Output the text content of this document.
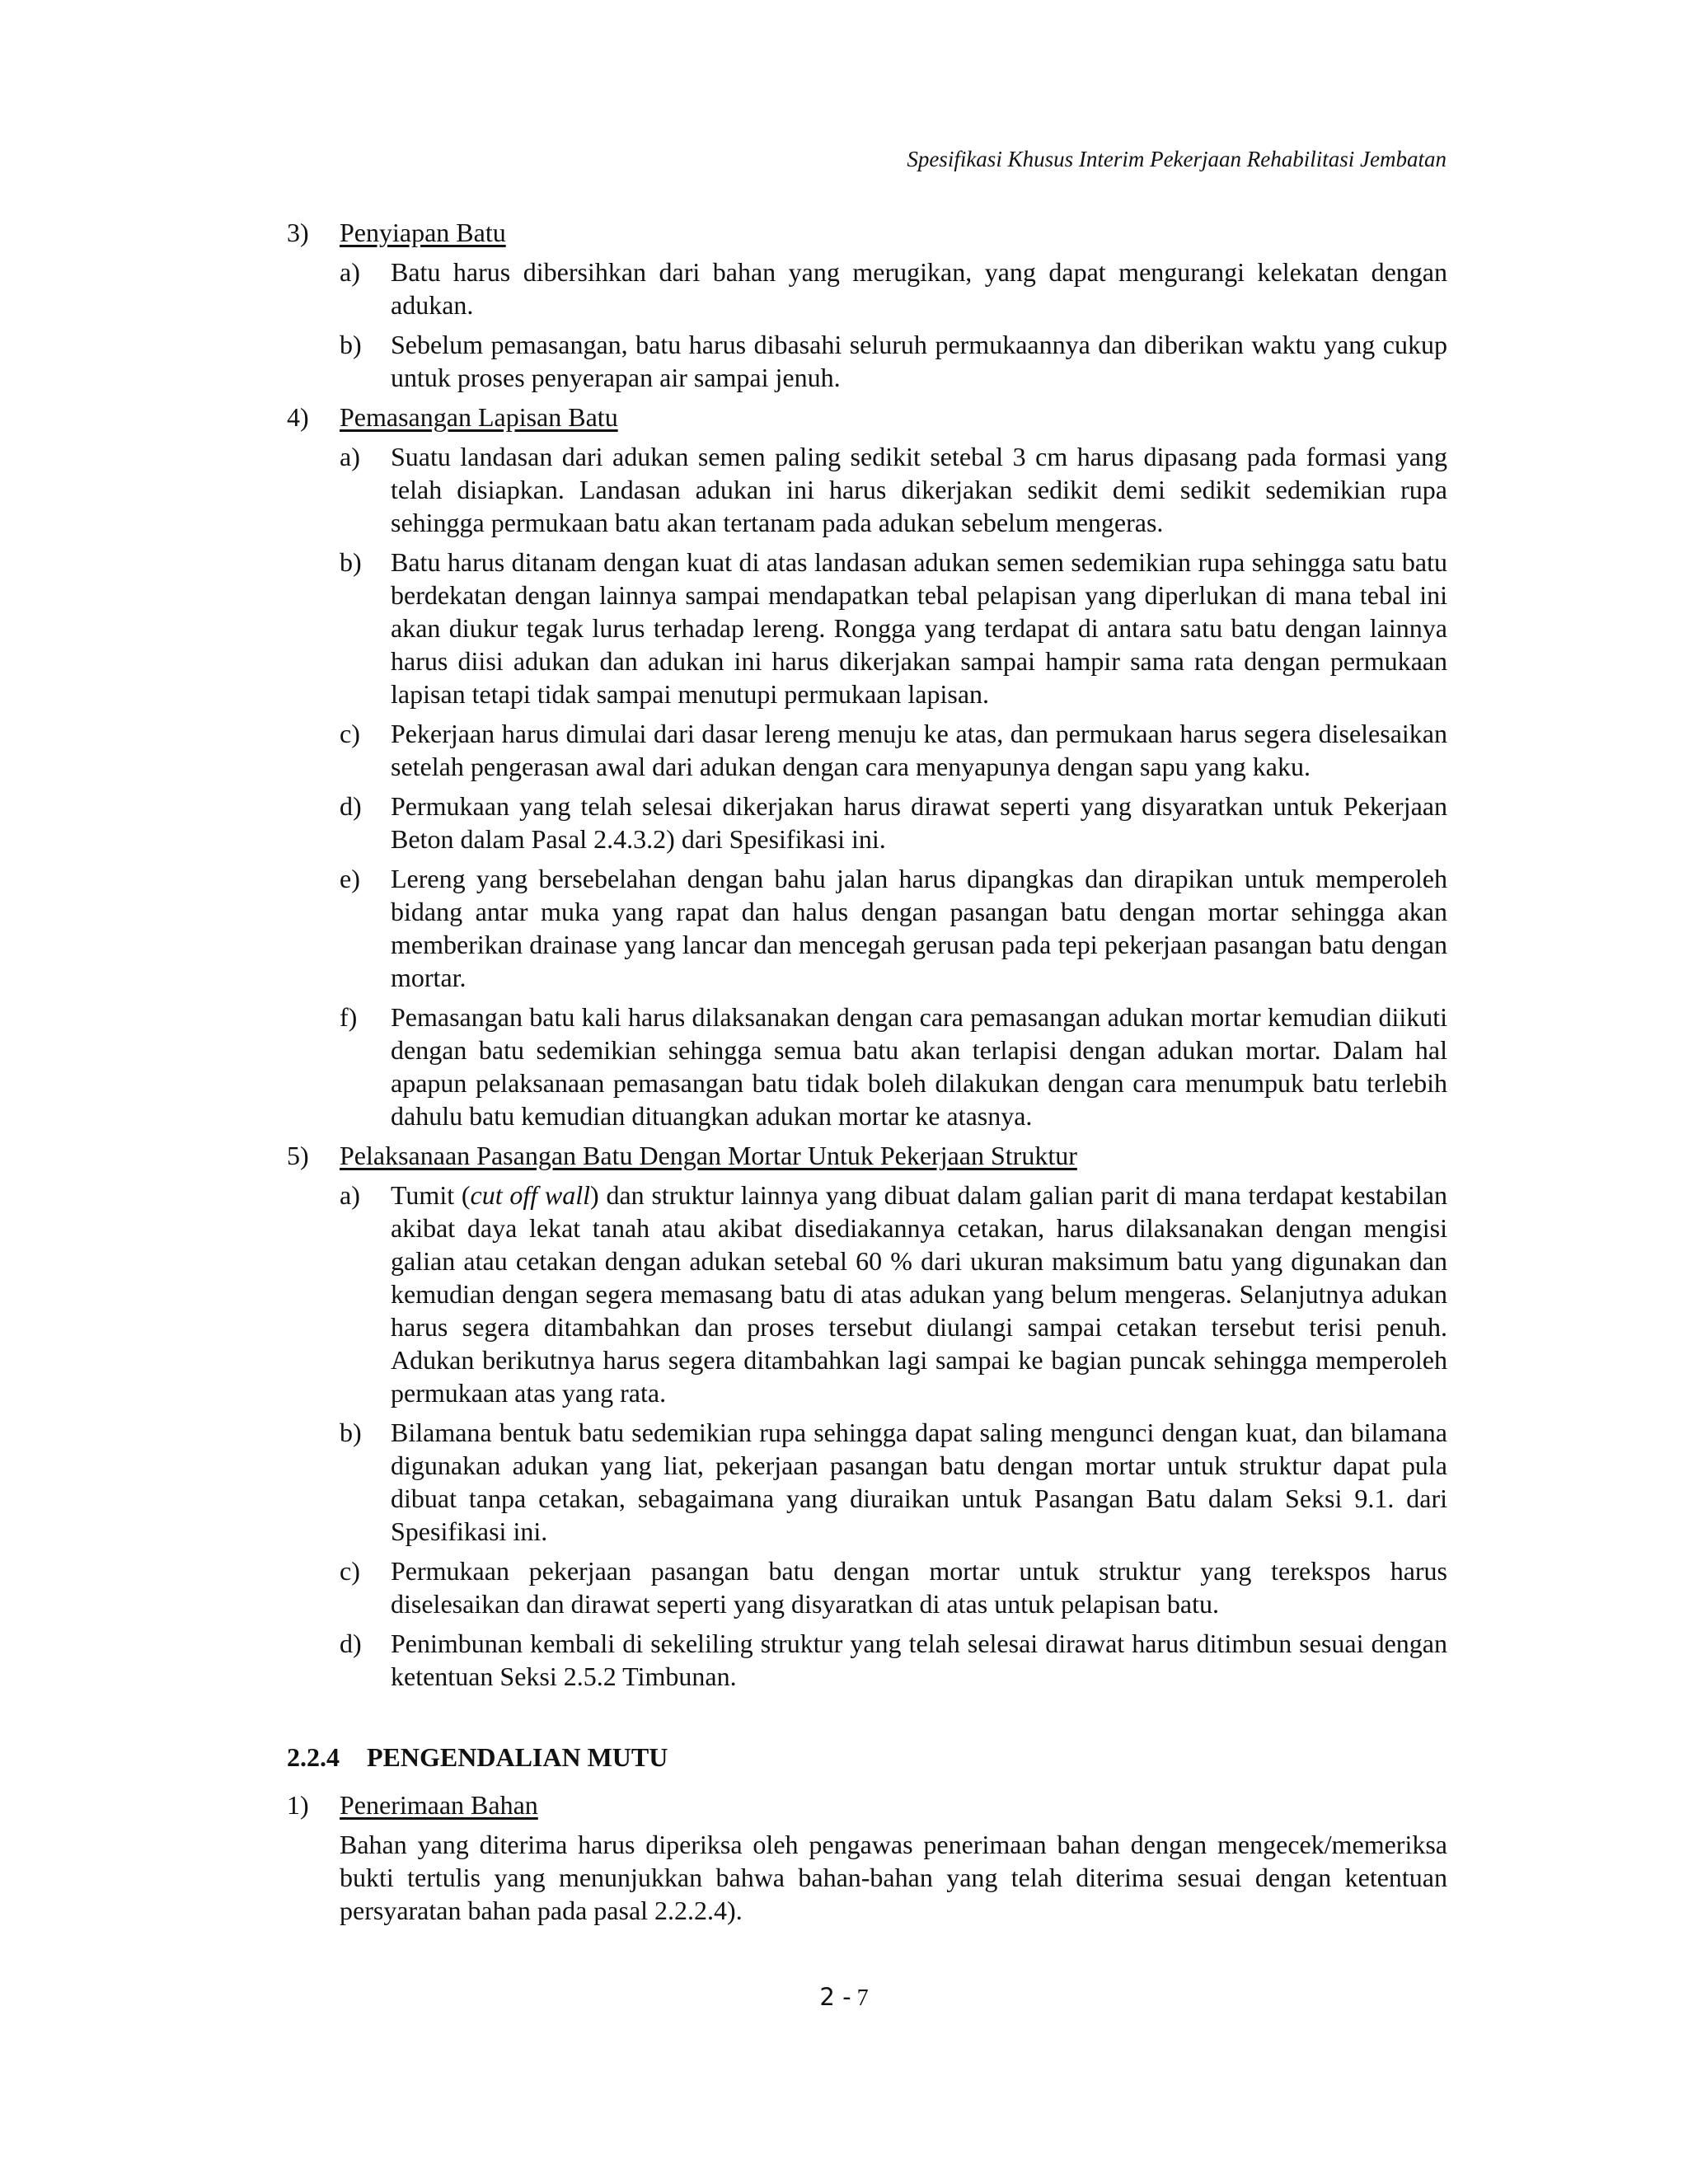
Spesifikasi Khusus Interim Pekerjaan Rehabilitasi Jembatan
3) Penyiapan Batu
a) Batu harus dibersihkan dari bahan yang merugikan, yang dapat mengurangi kelekatan dengan adukan.
b) Sebelum pemasangan, batu harus dibasahi seluruh permukaannya dan diberikan waktu yang cukup untuk proses penyerapan air sampai jenuh.
4) Pemasangan Lapisan Batu
a) Suatu landasan dari adukan semen paling sedikit setebal 3 cm harus dipasang pada formasi yang telah disiapkan. Landasan adukan ini harus dikerjakan sedikit demi sedikit sedemikian rupa sehingga permukaan batu akan tertanam pada adukan sebelum mengeras.
b) Batu harus ditanam dengan kuat di atas landasan adukan semen sedemikian rupa sehingga satu batu berdekatan dengan lainnya sampai mendapatkan tebal pelapisan yang diperlukan di mana tebal ini akan diukur tegak lurus terhadap lereng. Rongga yang terdapat di antara satu batu dengan lainnya harus diisi adukan dan adukan ini harus dikerjakan sampai hampir sama rata dengan permukaan lapisan tetapi tidak sampai menutupi permukaan lapisan.
c) Pekerjaan harus dimulai dari dasar lereng menuju ke atas, dan permukaan harus segera diselesaikan setelah pengerasan awal dari adukan dengan cara menyapunya dengan sapu yang kaku.
d) Permukaan yang telah selesai dikerjakan harus dirawat seperti yang disyaratkan untuk Pekerjaan Beton dalam Pasal 2.4.3.2) dari Spesifikasi ini.
e) Lereng yang bersebelahan dengan bahu jalan harus dipangkas dan dirapikan untuk memperoleh bidang antar muka yang rapat dan halus dengan pasangan batu dengan mortar sehingga akan memberikan drainase yang lancar dan mencegah gerusan pada tepi pekerjaan pasangan batu dengan mortar.
f) Pemasangan batu kali harus dilaksanakan dengan cara pemasangan adukan mortar kemudian diikuti dengan batu sedemikian sehingga semua batu akan terlapisi dengan adukan mortar. Dalam hal apapun pelaksanaan pemasangan batu tidak boleh dilakukan dengan cara menumpuk batu terlebih dahulu batu kemudian dituangkan adukan mortar ke atasnya.
5) Pelaksanaan Pasangan Batu Dengan Mortar Untuk Pekerjaan Struktur
a) Tumit (cut off wall) dan struktur lainnya yang dibuat dalam galian parit di mana terdapat kestabilan akibat daya lekat tanah atau akibat disediakannya cetakan, harus dilaksanakan dengan mengisi galian atau cetakan dengan adukan setebal 60 % dari ukuran maksimum batu yang digunakan dan kemudian dengan segera memasang batu di atas adukan yang belum mengeras. Selanjutnya adukan harus segera ditambahkan dan proses tersebut diulangi sampai cetakan tersebut terisi penuh. Adukan berikutnya harus segera ditambahkan lagi sampai ke bagian puncak sehingga memperoleh permukaan atas yang rata.
b) Bilamana bentuk batu sedemikian rupa sehingga dapat saling mengunci dengan kuat, dan bilamana digunakan adukan yang liat, pekerjaan pasangan batu dengan mortar untuk struktur dapat pula dibuat tanpa cetakan, sebagaimana yang diuraikan untuk Pasangan Batu dalam Seksi 9.1. dari Spesifikasi ini.
c) Permukaan pekerjaan pasangan batu dengan mortar untuk struktur yang terekspos harus diselesaikan dan dirawat seperti yang disyaratkan di atas untuk pelapisan batu.
d) Penimbunan kembali di sekeliling struktur yang telah selesai dirawat harus ditimbun sesuai dengan ketentuan Seksi 2.5.2 Timbunan.
2.2.4 PENGENDALIAN MUTU
1) Penerimaan Bahan
Bahan yang diterima harus diperiksa oleh pengawas penerimaan bahan dengan mengecek/memeriksa bukti tertulis yang menunjukkan bahwa bahan-bahan yang telah diterima sesuai dengan ketentuan persyaratan bahan pada pasal 2.2.2.4).
2 - 7
